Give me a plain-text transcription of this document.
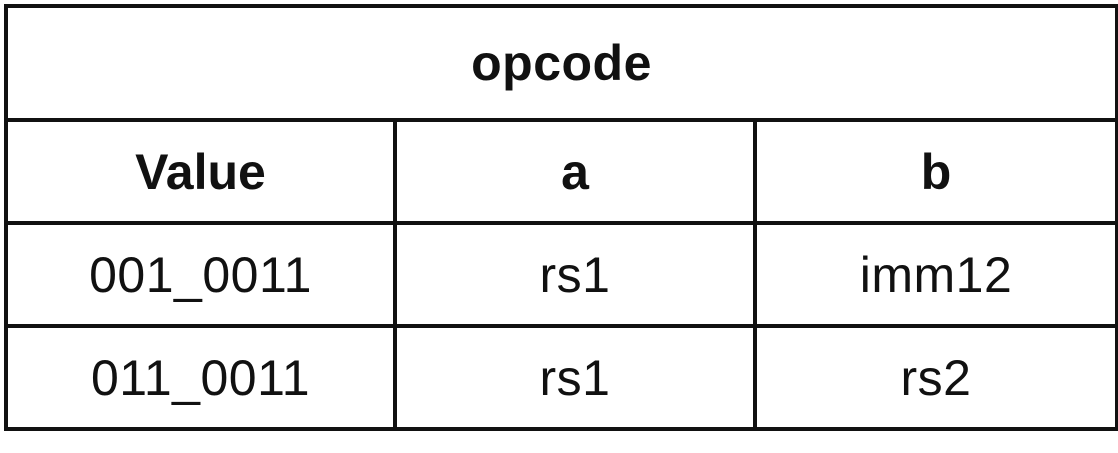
opcode		
Value	a	b
001_0011	rs1	imm12
011_0011	rs1	rs2
